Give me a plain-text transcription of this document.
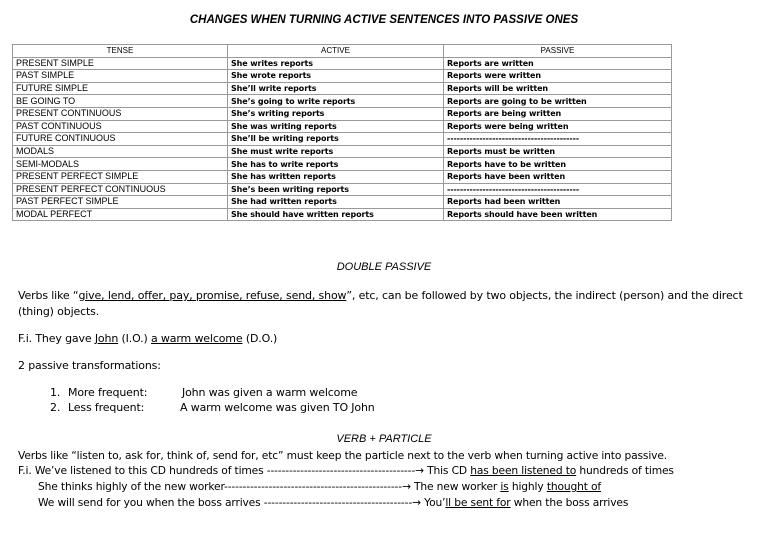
CHANGES WHEN TURNING ACTIVE SENTENCES INTO PASSIVE ONES
TENSE	ACTIVE	PASSIVE
PRESENT SIMPLE	She writes reports	Reports are written
PAST SIMPLE	She wrote reports	Reports were written
FUTURE SIMPLE	She’ll write reports	Reports will be written
BE GOING TO	She’s going to write reports	Reports are going to be written
PRESENT CONTINUOUS	She’s writing reports	Reports are being written
PAST CONTINUOUS	She was writing reports	Reports were being written
FUTURE CONTINUOUS	She’ll be writing reports	-----------------------------------------
MODALS	She must write reports	Reports must be written
SEMI-MODALS	She has to write reports	Reports have to be written
PRESENT PERFECT SIMPLE	She has written reports	Reports have been written
PRESENT PERFECT CONTINUOUS	She’s been writing reports	-----------------------------------------
PAST PERFECT SIMPLE	She had written reports	Reports had been written
MODAL PERFECT	She should have written reports	Reports should have been written
DOUBLE PASSIVE
Verbs like “give, lend, offer, pay, promise, refuse, send, show”, etc, can be followed by two objects, the indirect (person) and the direct
(thing) objects.
F.i. They gave John (I.O.) a warm welcome (D.O.)
2 passive transformations:
1. More frequent:	John was given a warm welcome
2. Less frequent:	A warm welcome was given TO John
VERB + PARTICLE
Verbs like “listen to, ask for, think of, send for, etc” must keep the particle next to the verb when turning active into passive.
F.i. We’ve listened to this CD hundreds of times ----------------------------------------→ This CD has been listened to hundreds of times
She thinks highly of the new worker------------------------------------------------→ The new worker is highly thought of
We will send for you when the boss arrives ----------------------------------------→ You’ll be sent for when the boss arrives
